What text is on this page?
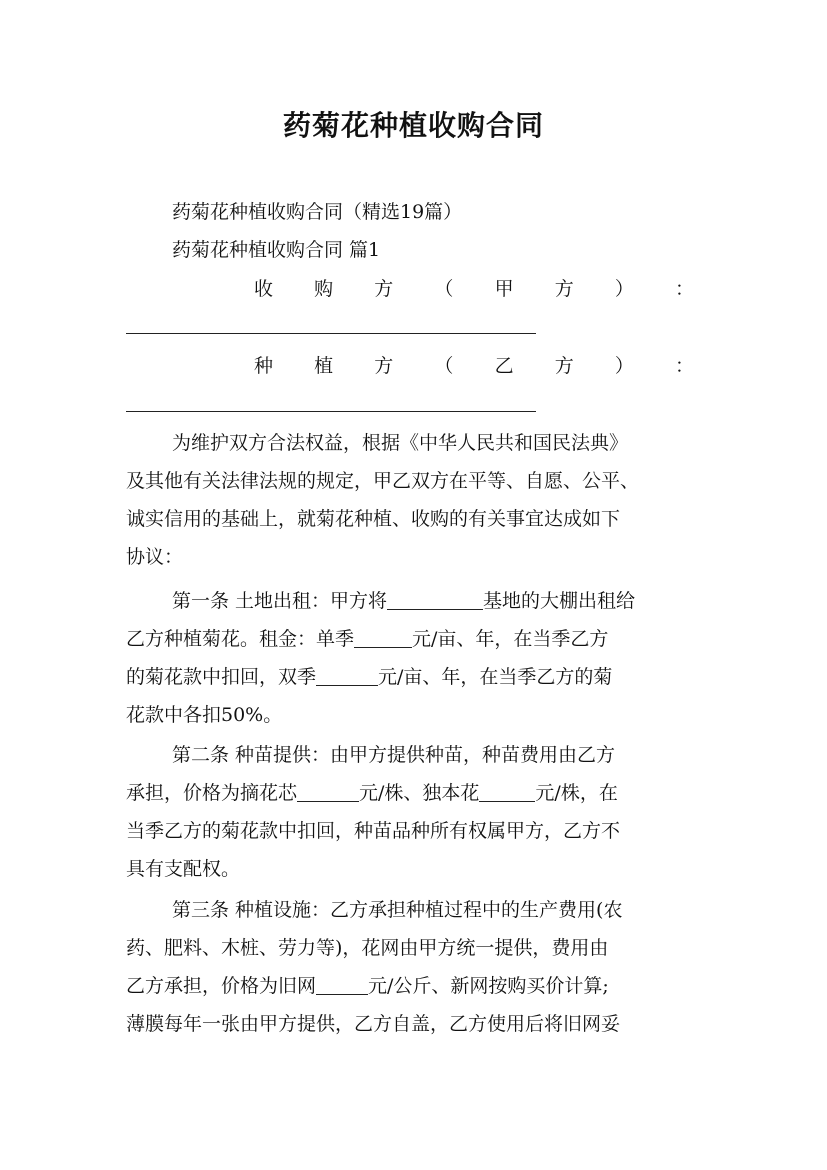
药菊花种植收购合同
药菊花种植收购合同（精选19篇）
药菊花种植收购合同 篇1
收 购 方 （ 甲 方 ） ：
种 植 方 （ 乙 方 ） ：
为维护双方合法权益，根据《中华人民共和国民法典》
及其他有关法律法规的规定，甲乙双方在平等、自愿、公平、
诚实信用的基础上，就菊花种植、收购的有关事宜达成如下
协议：
第一条 土地出租：甲方将	基地的大棚出租给
乙方种植菊花。租金：单季	元/亩、年，在当季乙方
的菊花款中扣回，双季	元/亩、年，在当季乙方的菊
花款中各扣50%。
第二条 种苗提供：由甲方提供种苗，种苗费用由乙方
承担，价格为摘花芯	元/株、独本花	元/株，在
当季乙方的菊花款中扣回，种苗品种所有权属甲方，乙方不
具有支配权。
第三条 种植设施：乙方承担种植过程中的生产费用(农
药、肥料、木桩、劳力等)，花网由甲方统一提供，费用由
乙方承担，价格为旧网	元/公斤、新网按购买价计算;
薄膜每年一张由甲方提供，乙方自盖，乙方使用后将旧网妥
